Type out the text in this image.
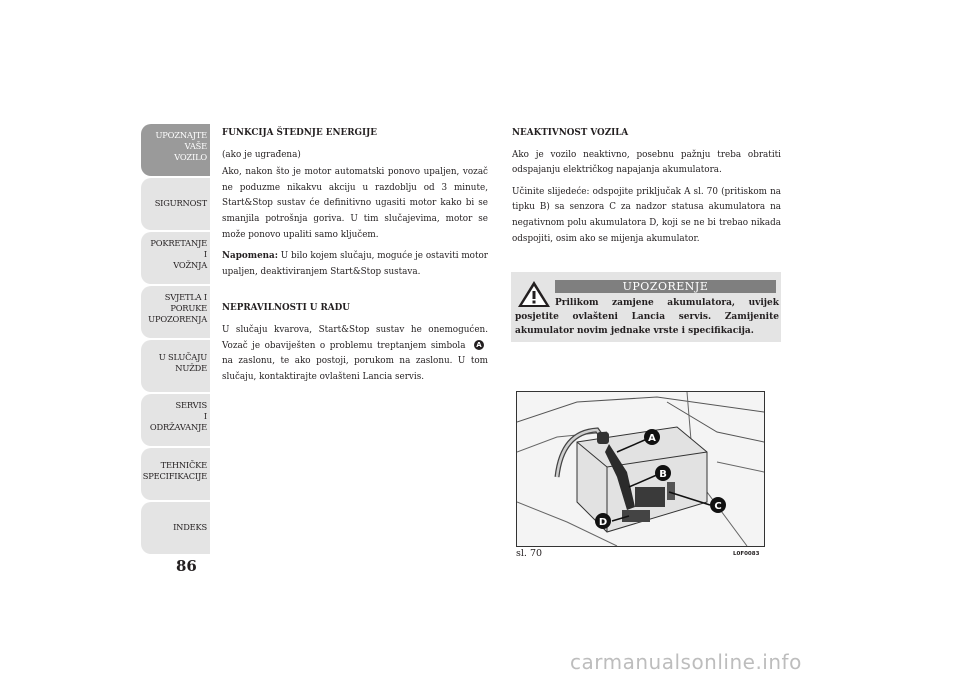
UPOZNAJTE
VAŠE
VOZILO
SIGURNOST
POKRETANJE
I
VOŽNJA
SVJETLA I
PORUKE
UPOZORENJA
U SLUČAJU
NUŽDE
SERVIS
I
ODRŽAVANJE
TEHNIČKE
SPECIFIKACIJE
INDEKS
86
FUNKCIJA ŠTEDNJE ENERGIJE

(ako je ugrađena)

Ako, nakon što je motor automatski ponovo upaljen, vozač ne poduzme nikakvu akciju u razdoblju od 3 minute, Start&Stop sustav će definitivno ugasiti motor kako bi se smanjila potrošnja goriva. U tim slučajevima, motor se može ponovo upaliti samo ključem.

Napomena: U bilo kojem slučaju, moguće je ostaviti motor upaljen, deaktiviranjem Start&Stop sustava.

NEPRAVILNOSTI U RADU

U slučaju kvarova, Start&Stop sustav he onemogućen. Vozač je obaviješten o problemu treptanjem simbola A na zaslonu, te ako postoji, porukom na zaslonu. U tom slučaju, kontaktirajte ovlašteni Lancia servis.

NEAKTIVNOST VOZILA

Ako je vozilo neaktivno, posebnu pažnju treba obratiti odspajanju električkog napajanja akumulatora.

Učinite slijedeće: odspojite priključak A sl. 70 (pritiskom na tipku B) sa senzora C za nadzor statusa akumulatora na negativnom polu akumulatora D, koji se ne bi trebao nikada odspojiti, osim ako se mijenja akumulator.

UPOZORENJE
Prilikom zamjene akumulatora, uvijek posjetite ovlašteni Lancia servis. Zamijenite akumulator novim jednake vrste i specifikacija.
A
B
C
D
sl. 70	L0F0083
carmanualsonline.info
